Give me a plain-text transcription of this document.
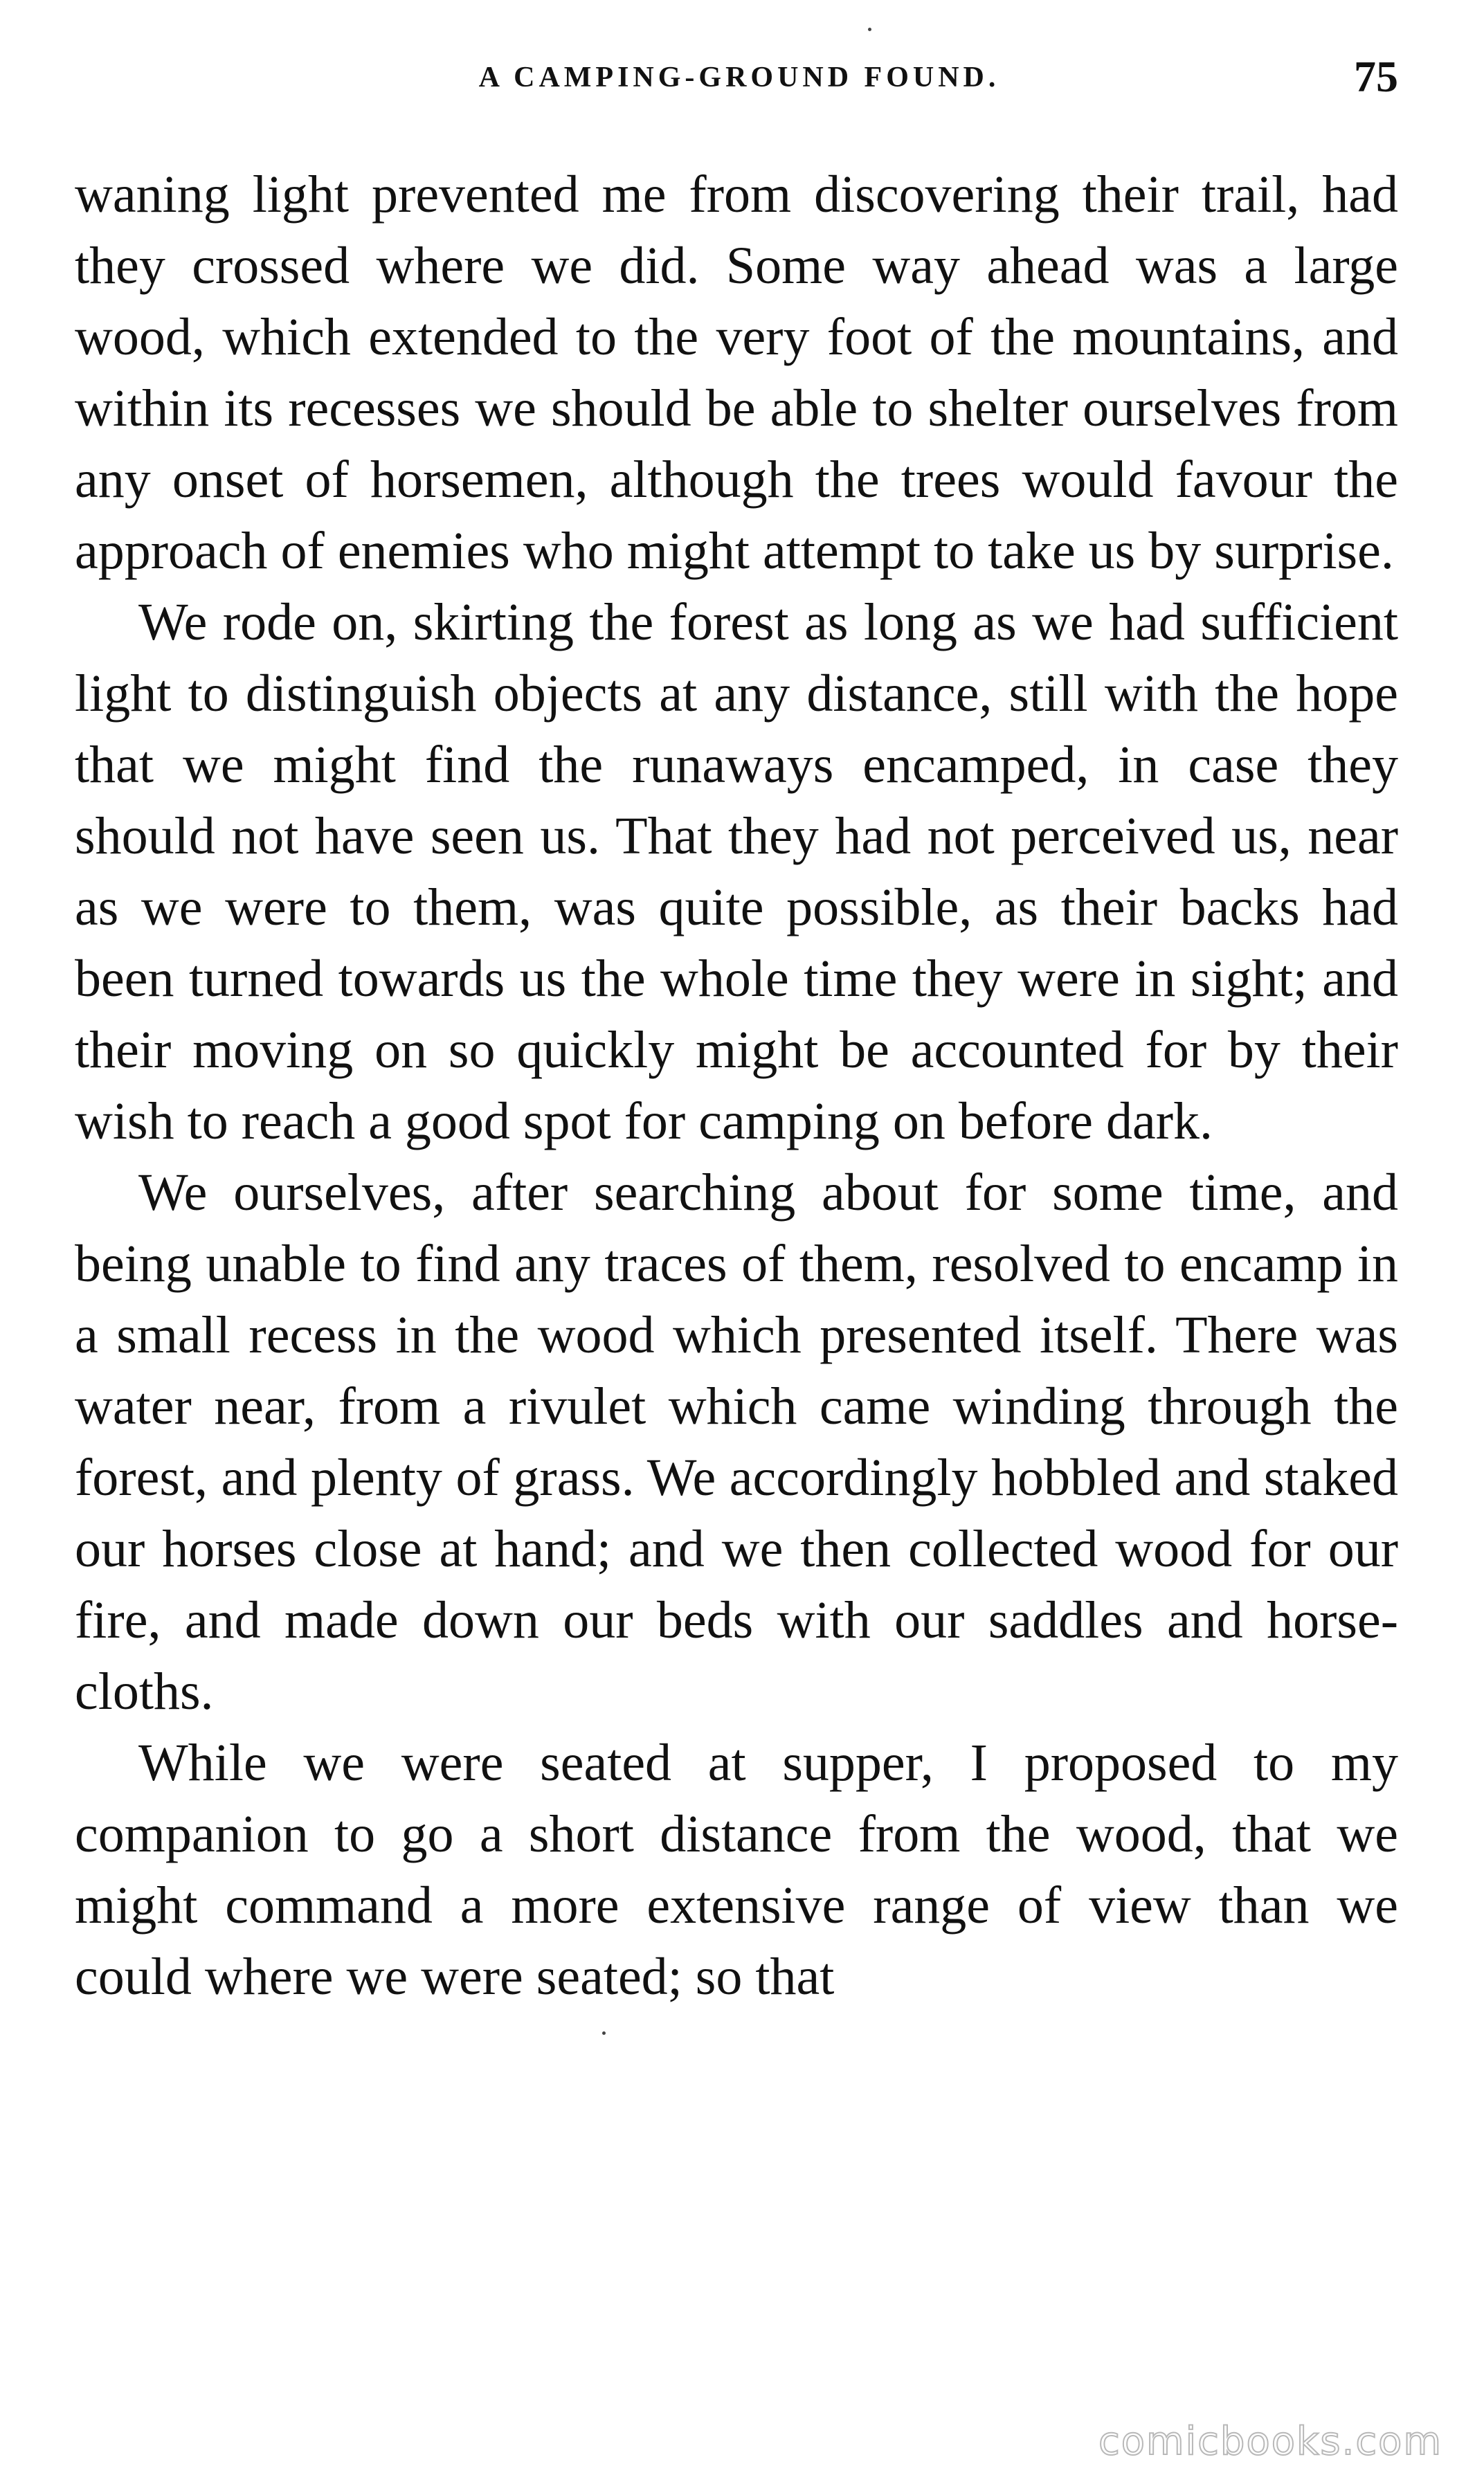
A CAMPING-GROUND FOUND.	75

waning light prevented me from discovering their trail, had they crossed where we did. Some way ahead was a large wood, which extended to the very foot of the mountains, and within its recesses we should be able to shelter ourselves from any onset of horsemen, although the trees would favour the approach of enemies who might attempt to take us by surprise.

We rode on, skirting the forest as long as we had sufficient light to distinguish objects at any distance, still with the hope that we might find the runaways encamped, in case they should not have seen us. That they had not perceived us, near as we were to them, was quite possible, as their backs had been turned towards us the whole time they were in sight; and their moving on so quickly might be accounted for by their wish to reach a good spot for camping on before dark.

We ourselves, after searching about for some time, and being unable to find any traces of them, resolved to encamp in a small recess in the wood which presented itself. There was water near, from a rivulet which came winding through the forest, and plenty of grass. We accordingly hobbled and staked our horses close at hand; and we then collected wood for our fire, and made down our beds with our saddles and horse-cloths.

While we were seated at supper, I proposed to my companion to go a short distance from the wood, that we might command a more extensive range of view than we could where we were seated; so that

comicbooks.com
